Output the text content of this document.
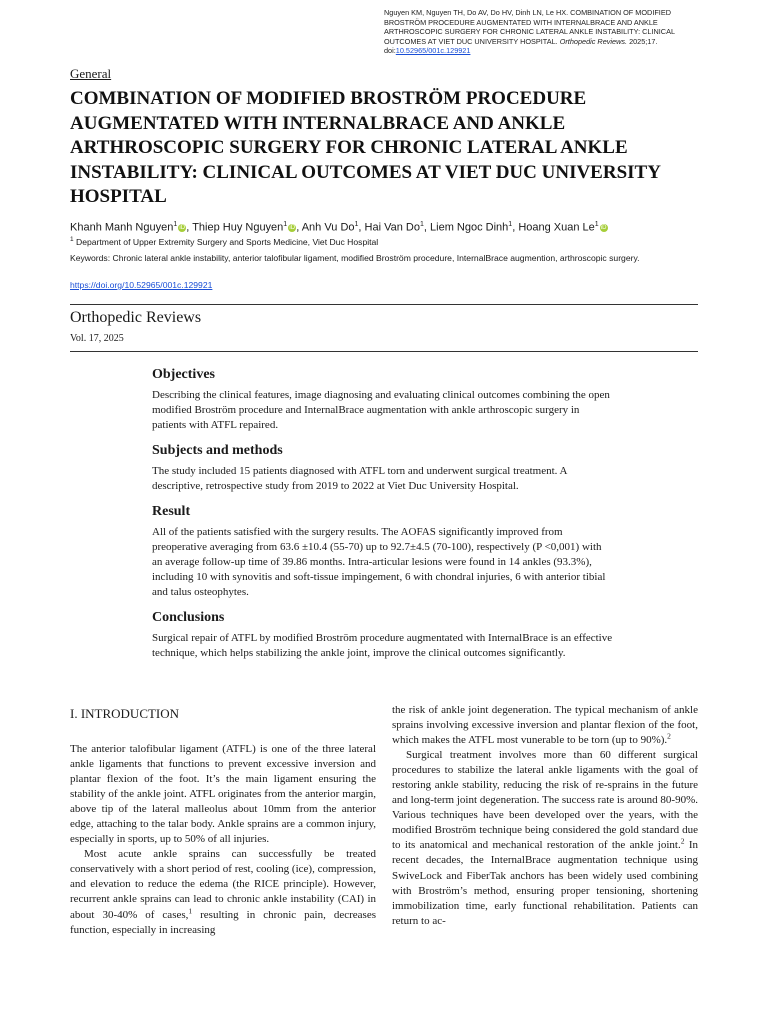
Nguyen KM, Nguyen TH, Do AV, Do HV, Dinh LN, Le HX. COMBINATION OF MODIFIED BROSTRÖM PROCEDURE AUGMENTATED WITH INTERNALBRACE AND ANKLE ARTHROSCOPIC SURGERY FOR CHRONIC LATERAL ANKLE INSTABILITY: CLINICAL OUTCOMES AT VIET DUC UNIVERSITY HOSPITAL. Orthopedic Reviews. 2025;17. doi:10.52965/001c.129921
General
COMBINATION OF MODIFIED BROSTRÖM PROCEDURE AUGMENTATED WITH INTERNALBRACE AND ANKLE ARTHROSCOPIC SURGERY FOR CHRONIC LATERAL ANKLE INSTABILITY: CLINICAL OUTCOMES AT VIET DUC UNIVERSITY HOSPITAL
Khanh Manh Nguyen$^1$ iD, Thiep Huy Nguyen$^1$ iD, Anh Vu Do$^1$, Hai Van Do$^1$, Liem Ngoc Dinh$^1$, Hoang Xuan Le$^1$ iD
$^1$ Department of Upper Extremity Surgery and Sports Medicine, Viet Duc Hospital
Keywords: Chronic lateral ankle instability, anterior talofibular ligament, modified Broström procedure, InternalBrace augmention, arthroscopic surgery.
https://doi.org/10.52965/001c.129921
Orthopedic Reviews
Vol. 17, 2025
Objectives

Describing the clinical features, image diagnosing and evaluating clinical outcomes combining the open modified Broström procedure and InternalBrace augmentation with ankle arthroscopic surgery in patients with ATFL repaired.

Subjects and methods

The study included 15 patients diagnosed with ATFL torn and underwent surgical treatment. A descriptive, retrospective study from 2019 to 2022 at Viet Duc University Hospital.

Result

All of the patients satisfied with the surgery results. The AOFAS significantly improved from preoperative averaging from 63.6 ±10.4 (55-70) up to 92.7±4.5 (70-100), respectively (P <0,001) with an average follow-up time of 39.86 months. Intra-articular lesions were found in 14 ankles (93.3%), including 10 with synovitis and soft-tissue impingement, 6 with chondral injuries, 6 with anterior tibial and talus osteophytes.

Conclusions

Surgical repair of ATFL by modified Broström procedure augmentated with InternalBrace is an effective technique, which helps stabilizing the ankle joint, improve the clinical outcomes significantly.

I. INTRODUCTION

The anterior talofibular ligament (ATFL) is one of the three lateral ankle ligaments that functions to prevent excessive inversion and plantar flexion of the foot. It’s the main ligament ensuring the stability of the ankle joint. ATFL originates from the anterior margin, above tip of the lateral malleolus about 10mm from the anterior edge, attaching to the talar body. Ankle sprains are a common injury, especially in sports, up to 50% of all injuries.

Most acute ankle sprains can successfully be treated conservatively with a short period of rest, cooling (ice), compression, and elevation to reduce the edema (the RICE principle). However, recurrent ankle sprains can lead to chronic ankle instability (CAI) in about 30-40% of cases,$^1$ resulting in chronic pain, decreases function, especially in increasing

the risk of ankle joint degeneration. The typical mechanism of ankle sprains involving excessive inversion and plantar flexion of the foot, which makes the ATFL most vunerable to be torn (up to 90%).$^2$

Surgical treatment involves more than 60 different surgical procedures to stabilize the lateral ankle ligaments with the goal of restoring ankle stability, reducing the risk of re-sprains in the future and long-term joint degeneration. The success rate is around 80-90%. Various techniques have been developed over the years, with the modified Broström technique being considered the gold standard due to its anatomical and mechanical restoration of the ankle joint.$^2$ In recent decades, the InternalBrace augmentation technique using SwiveLock and FiberTak anchors has been widely used combining with Broström’s method, ensuring proper tensioning, shortening immobilization time, early functional rehabilitation. Patients can return to ac-
